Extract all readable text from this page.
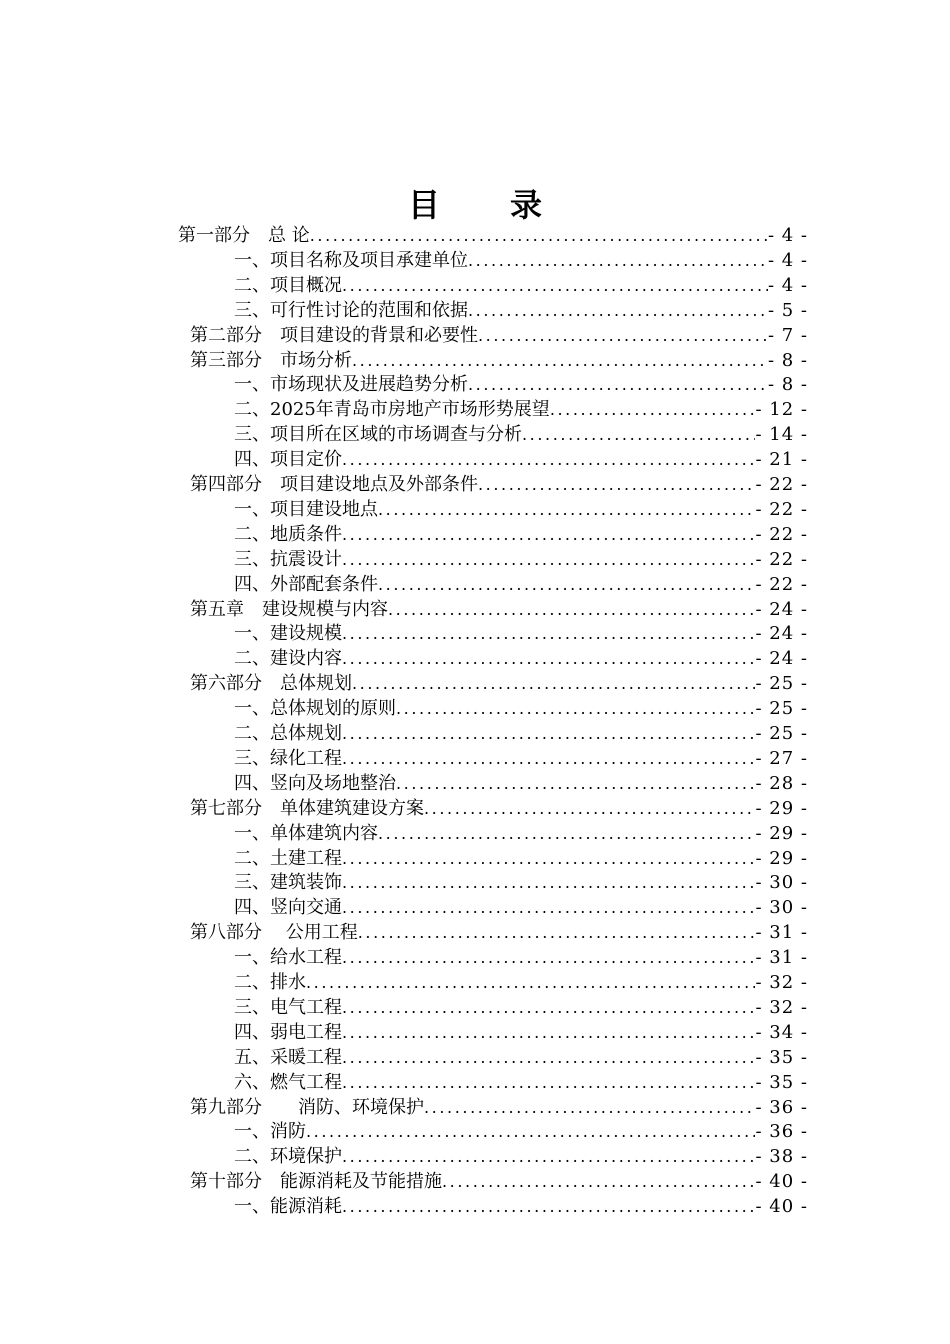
目 录
第一部分　总 论 .....	- 4 -
一、项目名称及项目承建单位 .....	- 4 -
二、项目概况 .....	- 4 -
三、可行性讨论的范围和依据 .....	- 5 -
第二部分　项目建设的背景和必要性 .....	- 7 -
第三部分　市场分析 .....	- 8 -
一、市场现状及进展趋势分析 .....	- 8 -
二、2025年青岛市房地产市场形势展望 .....	- 12 -
三、项目所在区域的市场调查与分析 .....	- 14 -
四、项目定价 .....	- 21 -
第四部分　项目建设地点及外部条件 .....	- 22 -
一、项目建设地点 .....	- 22 -
二、地质条件 .....	- 22 -
三、抗震设计 .....	- 22 -
四、外部配套条件 .....	- 22 -
第五章　建设规模与内容 .....	- 24 -
一、建设规模 .....	- 24 -
二、建设内容 .....	- 24 -
第六部分　总体规划 .....	- 25 -
一、总体规划的原则 .....	- 25 -
二、总体规划 .....	- 25 -
三、绿化工程 .....	- 27 -
四、竖向及场地整治 .....	- 28 -
第七部分　单体建筑建设方案 .....	- 29 -
一、单体建筑内容 .....	- 29 -
二、土建工程 .....	- 29 -
三、建筑装饰 .....	- 30 -
四、竖向交通 .....	- 30 -
第八部分　 公用工程 .....	- 31 -
一、给水工程 .....	- 31 -
二、排水 .....	- 32 -
三、电气工程 .....	- 32 -
四、弱电工程 .....	- 34 -
五、采暖工程 .....	- 35 -
六、燃气工程 .....	- 35 -
第九部分　　消防、环境保护 .....	- 36 -
一、消防 .....	- 36 -
二、环境保护 .....	- 38 -
第十部分　能源消耗及节能措施 .....	- 40 -
一、能源消耗 .....	- 40 -
